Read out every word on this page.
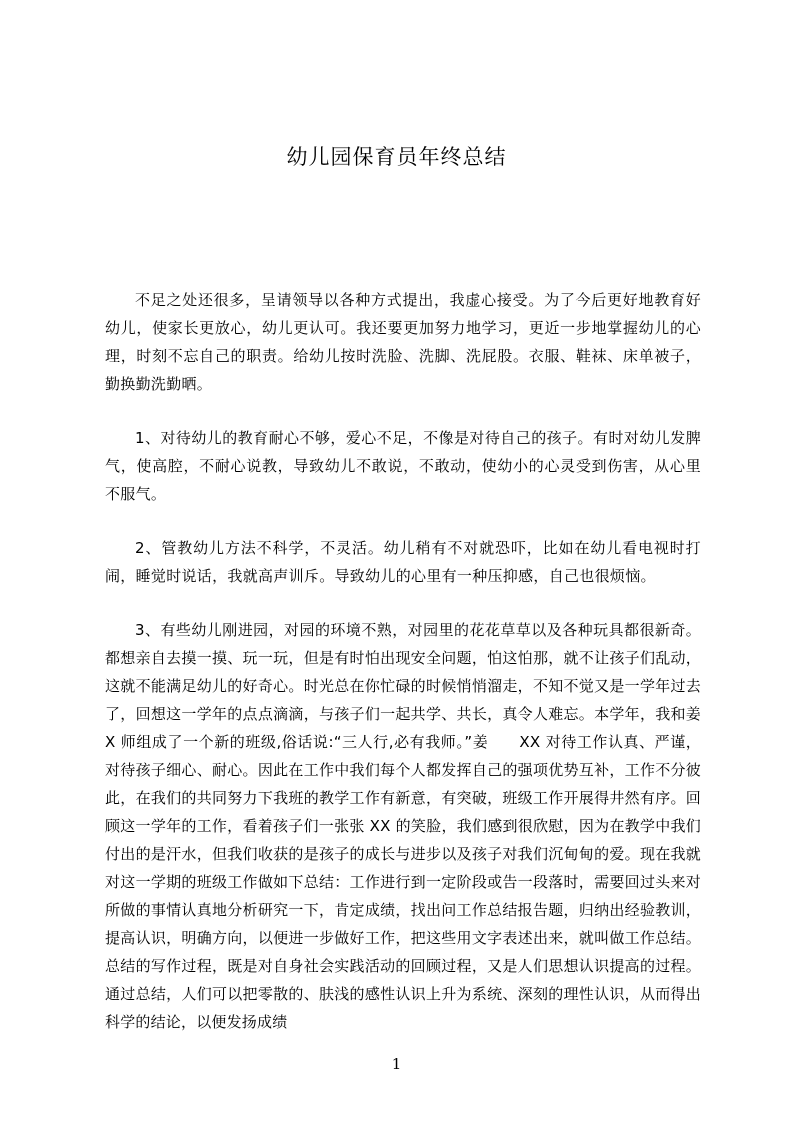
幼儿园保育员年终总结

不足之处还很多，呈请领导以各种方式提出，我虚心接受。为了今后更好地教育好幼儿，使家长更放心，幼儿更认可。我还要更加努力地学习，更近一步地掌握幼儿的心理，时刻不忘自己的职责。给幼儿按时洗脸、洗脚、洗屁股。衣服、鞋袜、床单被子，勤换勤洗勤晒。

1、对待幼儿的教育耐心不够，爱心不足，不像是对待自己的孩子。有时对幼儿发脾气，使高腔，不耐心说教，导致幼儿不敢说，不敢动，使幼小的心灵受到伤害，从心里不服气。

2、管教幼儿方法不科学，不灵活。幼儿稍有不对就恐吓，比如在幼儿看电视时打闹，睡觉时说话，我就高声训斥。导致幼儿的心里有一种压抑感，自己也很烦恼。

3、有些幼儿刚进园，对园的环境不熟，对园里的花花草草以及各种玩具都很新奇。都想亲自去摸一摸、玩一玩，但是有时怕出现安全问题，怕这怕那，就不让孩子们乱动，这就不能满足幼儿的好奇心。时光总在你忙碌的时候悄悄溜走，不知不觉又是一学年过去了，回想这一学年的点点滴滴，与孩子们一起共学、共长，真令人难忘。本学年，我和姜 X 师组成了一个新的班级,俗话说:“三人行,必有我师。”姜　　XX 对待工作认真、严谨，对待孩子细心、耐心。因此在工作中我们每个人都发挥自己的强项优势互补，工作不分彼此，在我们的共同努力下我班的教学工作有新意，有突破，班级工作开展得井然有序。回顾这一学年的工作，看着孩子们一张张 XX 的笑脸，我们感到很欣慰，因为在教学中我们付出的是汗水，但我们收获的是孩子的成长与进步以及孩子对我们沉甸甸的爱。现在我就对这一学期的班级工作做如下总结：工作进行到一定阶段或告一段落时，需要回过头来对所做的事情认真地分析研究一下，肯定成绩，找出问工作总结报告题，归纳出经验教训，提高认识，明确方向，以便进一步做好工作，把这些用文字表述出来，就叫做工作总结。总结的写作过程，既是对自身社会实践活动的回顾过程，又是人们思想认识提高的过程。通过总结，人们可以把零散的、肤浅的感性认识上升为系统、深刻的理性认识，从而得出科学的结论，以便发扬成绩

1
